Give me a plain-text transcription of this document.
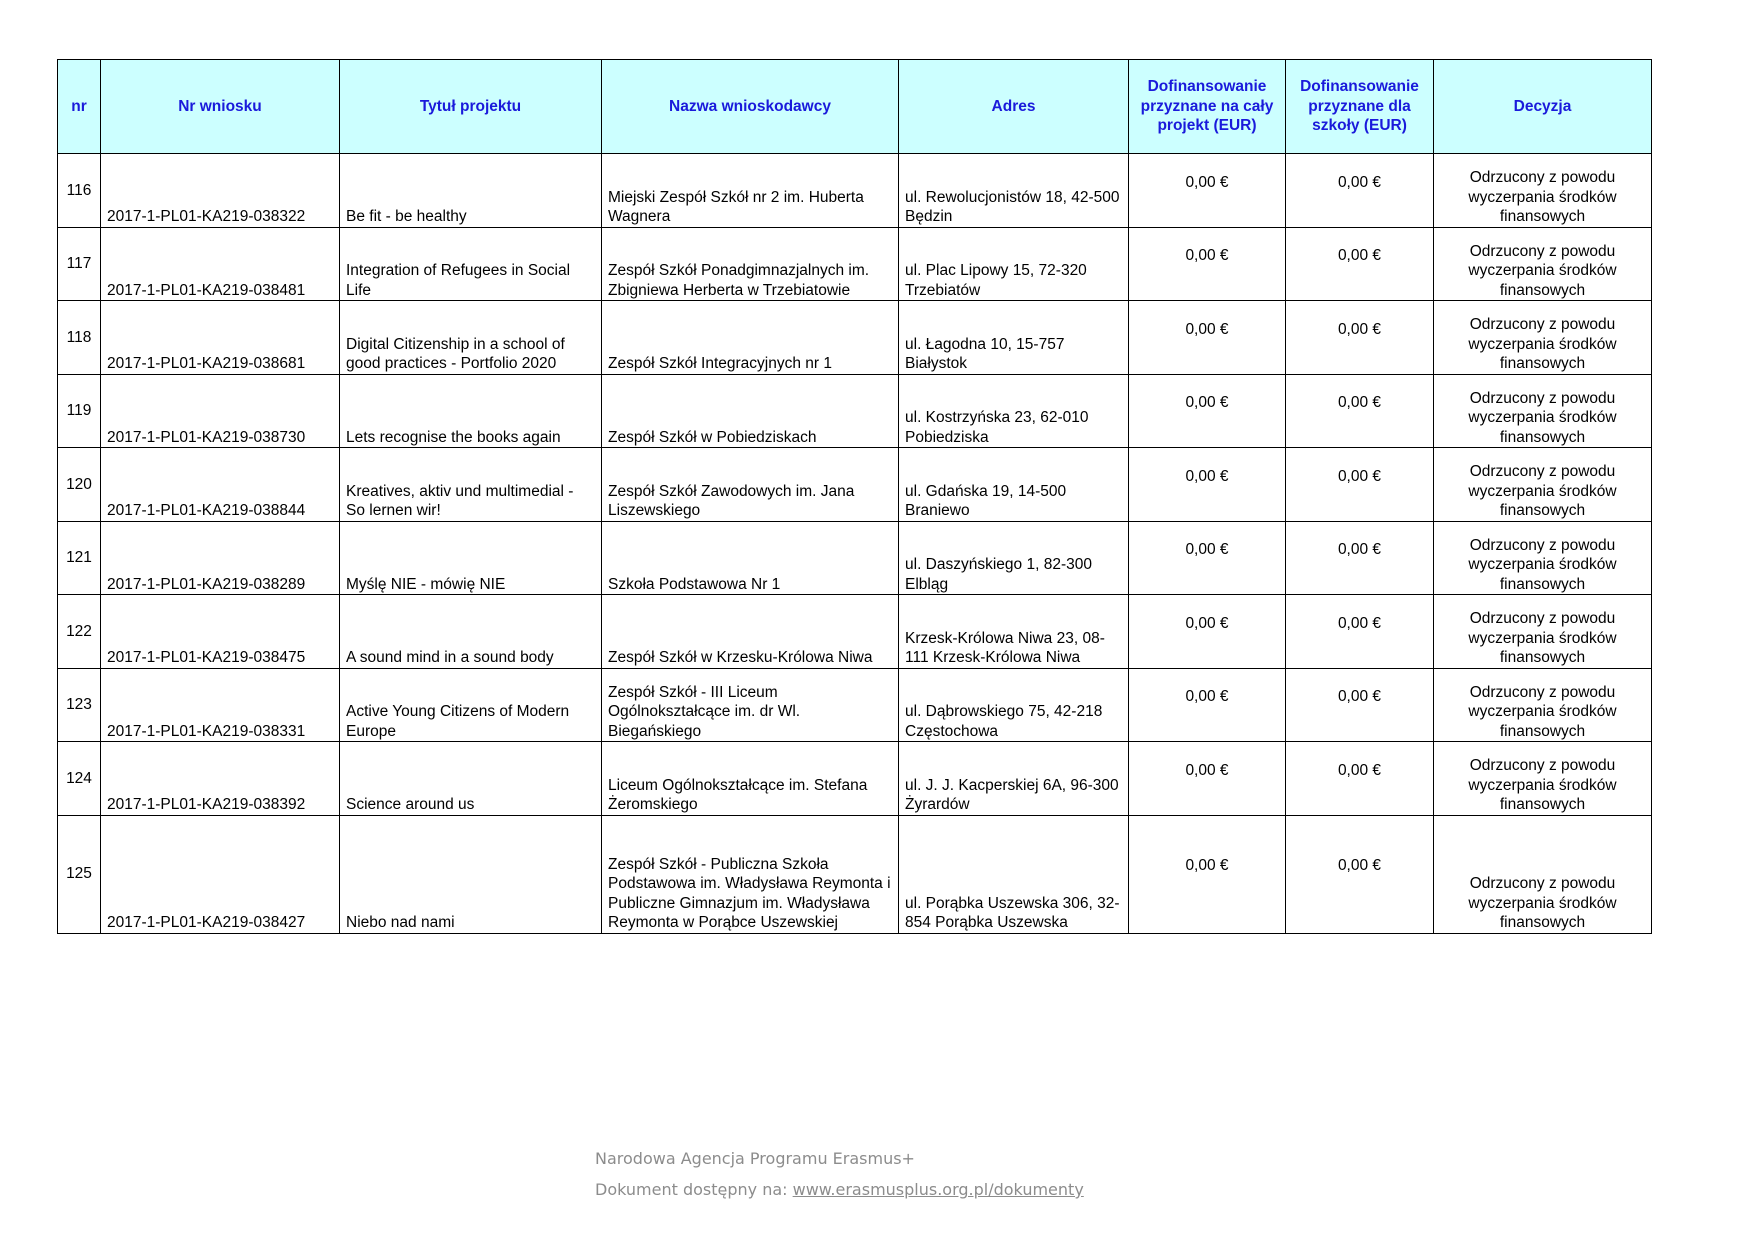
nr	Nr wniosku	Tytuł projektu	Nazwa wnioskodawcy	Adres	Dofinansowanie przyznane na cały projekt (EUR)	Dofinansowanie przyznane dla szkoły (EUR)	Decyzja
116	2017-1-PL01-KA219-038322	Be fit - be healthy	Miejski Zespół Szkół nr 2 im. Huberta Wagnera	ul. Rewolucjonistów 18, 42-500 Będzin	0,00 €	0,00 €	Odrzucony z powodu wyczerpania środków finansowych
117	2017-1-PL01-KA219-038481	Integration of Refugees in Social Life	Zespół Szkół Ponadgimnazjalnych im. Zbigniewa Herberta w Trzebiatowie	ul. Plac Lipowy 15, 72-320 Trzebiatów	0,00 €	0,00 €	Odrzucony z powodu wyczerpania środków finansowych
118	2017-1-PL01-KA219-038681	Digital Citizenship in a school of good practices - Portfolio 2020	Zespół Szkół Integracyjnych nr 1	ul. Łagodna 10, 15-757 Białystok	0,00 €	0,00 €	Odrzucony z powodu wyczerpania środków finansowych
119	2017-1-PL01-KA219-038730	Lets recognise the books again	Zespół Szkół w Pobiedziskach	ul. Kostrzyńska 23, 62-010 Pobiedziska	0,00 €	0,00 €	Odrzucony z powodu wyczerpania środków finansowych
120	2017-1-PL01-KA219-038844	Kreatives, aktiv und multimedial - So lernen wir!	Zespół Szkół Zawodowych im. Jana Liszewskiego	ul. Gdańska 19, 14-500 Braniewo	0,00 €	0,00 €	Odrzucony z powodu wyczerpania środków finansowych
121	2017-1-PL01-KA219-038289	Myślę NIE - mówię NIE	Szkoła Podstawowa Nr 1	ul. Daszyńskiego 1, 82-300 Elbląg	0,00 €	0,00 €	Odrzucony z powodu wyczerpania środków finansowych
122	2017-1-PL01-KA219-038475	A sound mind in a sound body	Zespół Szkół w Krzesku-Królowa Niwa	Krzesk-Królowa Niwa 23, 08-111 Krzesk-Królowa Niwa	0,00 €	0,00 €	Odrzucony z powodu wyczerpania środków finansowych
123	2017-1-PL01-KA219-038331	Active Young Citizens of Modern Europe	Zespół Szkół - III Liceum Ogólnokształcące im. dr Wl. Biegańskiego	ul. Dąbrowskiego 75, 42-218 Częstochowa	0,00 €	0,00 €	Odrzucony z powodu wyczerpania środków finansowych
124	2017-1-PL01-KA219-038392	Science around us	Liceum Ogólnokształcące im. Stefana Żeromskiego	ul. J. J. Kacperskiej 6A, 96-300 Żyrardów	0,00 €	0,00 €	Odrzucony z powodu wyczerpania środków finansowych
125	2017-1-PL01-KA219-038427	Niebo nad nami	Zespół Szkół - Publiczna Szkoła Podstawowa im. Władysława Reymonta i Publiczne Gimnazjum im. Władysława Reymonta w Porąbce Uszewskiej	ul. Porąbka Uszewska 306, 32-854 Porąbka Uszewska	0,00 €	0,00 €	Odrzucony z powodu wyczerpania środków finansowych
Narodowa Agencja Programu Erasmus+
Dokument dostępny na: www.erasmusplus.org.pl/dokumenty
